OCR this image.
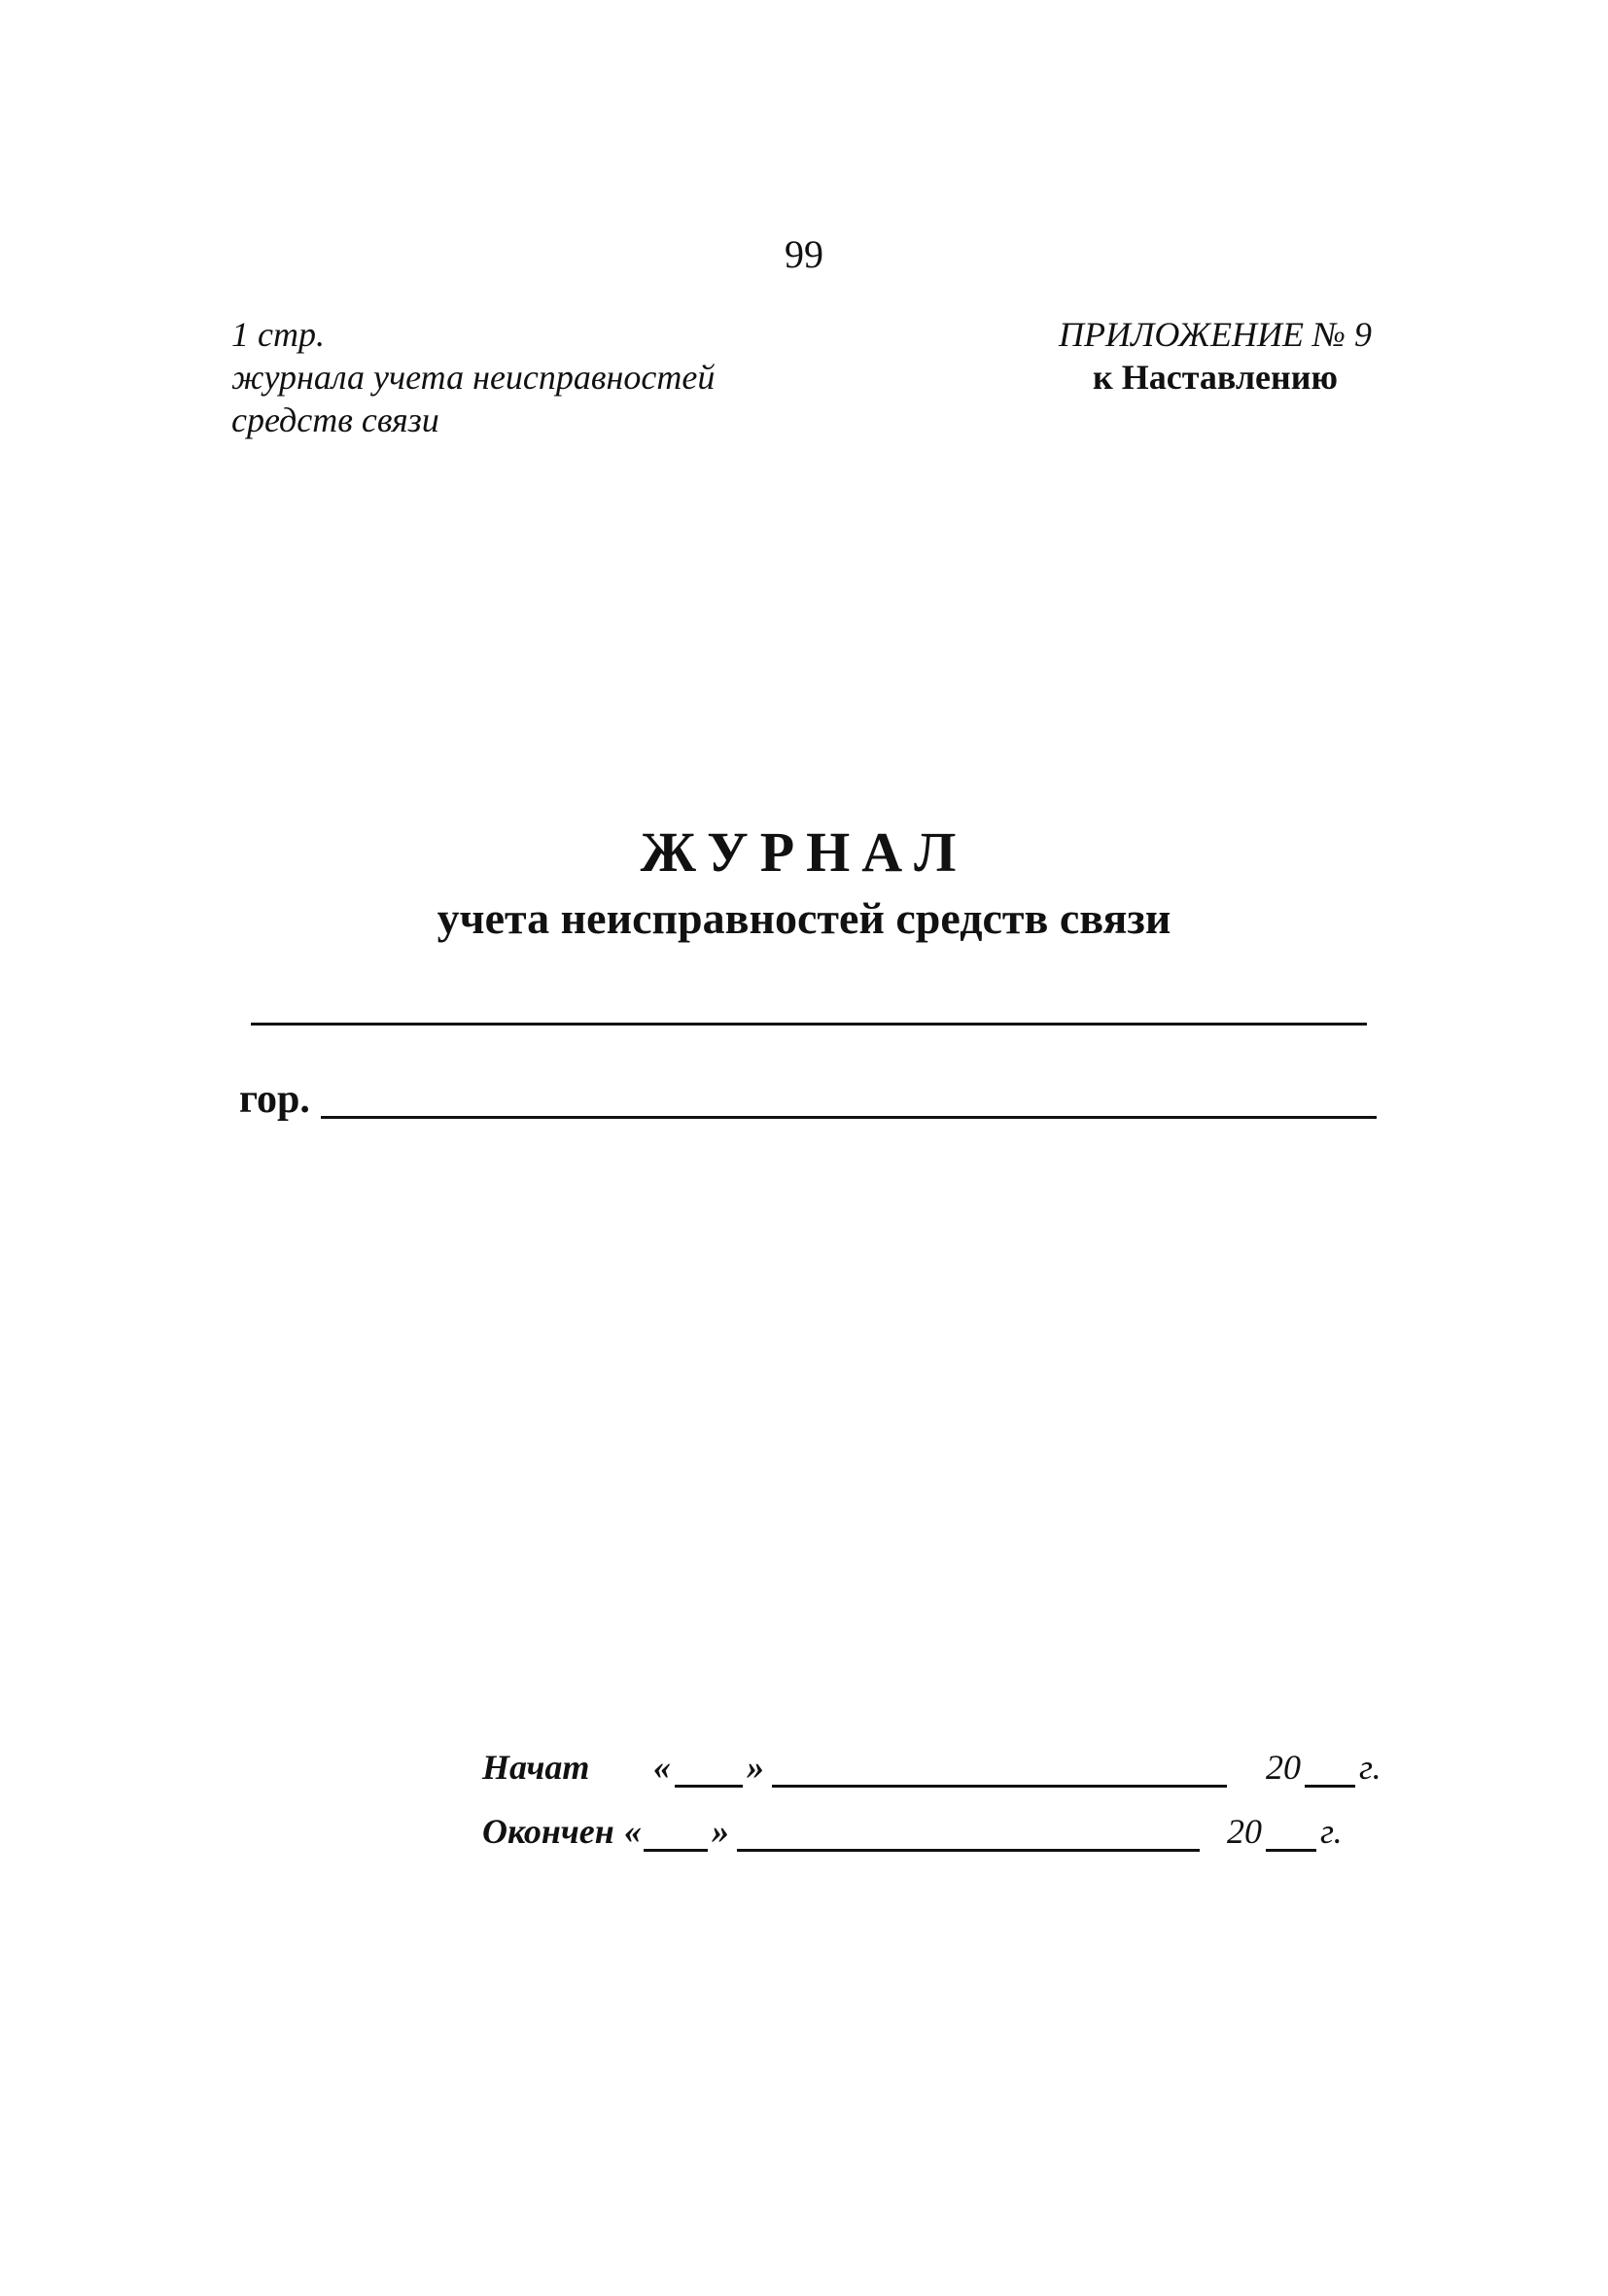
99
1 стр.
журнала учета неисправностей
средств связи
ПРИЛОЖЕНИЕ № 9
к Наставлению
ЖУРНАЛ
учета неисправностей средств связи
гор.
Начат « »	20 г.
Окончен « »	20 г.
